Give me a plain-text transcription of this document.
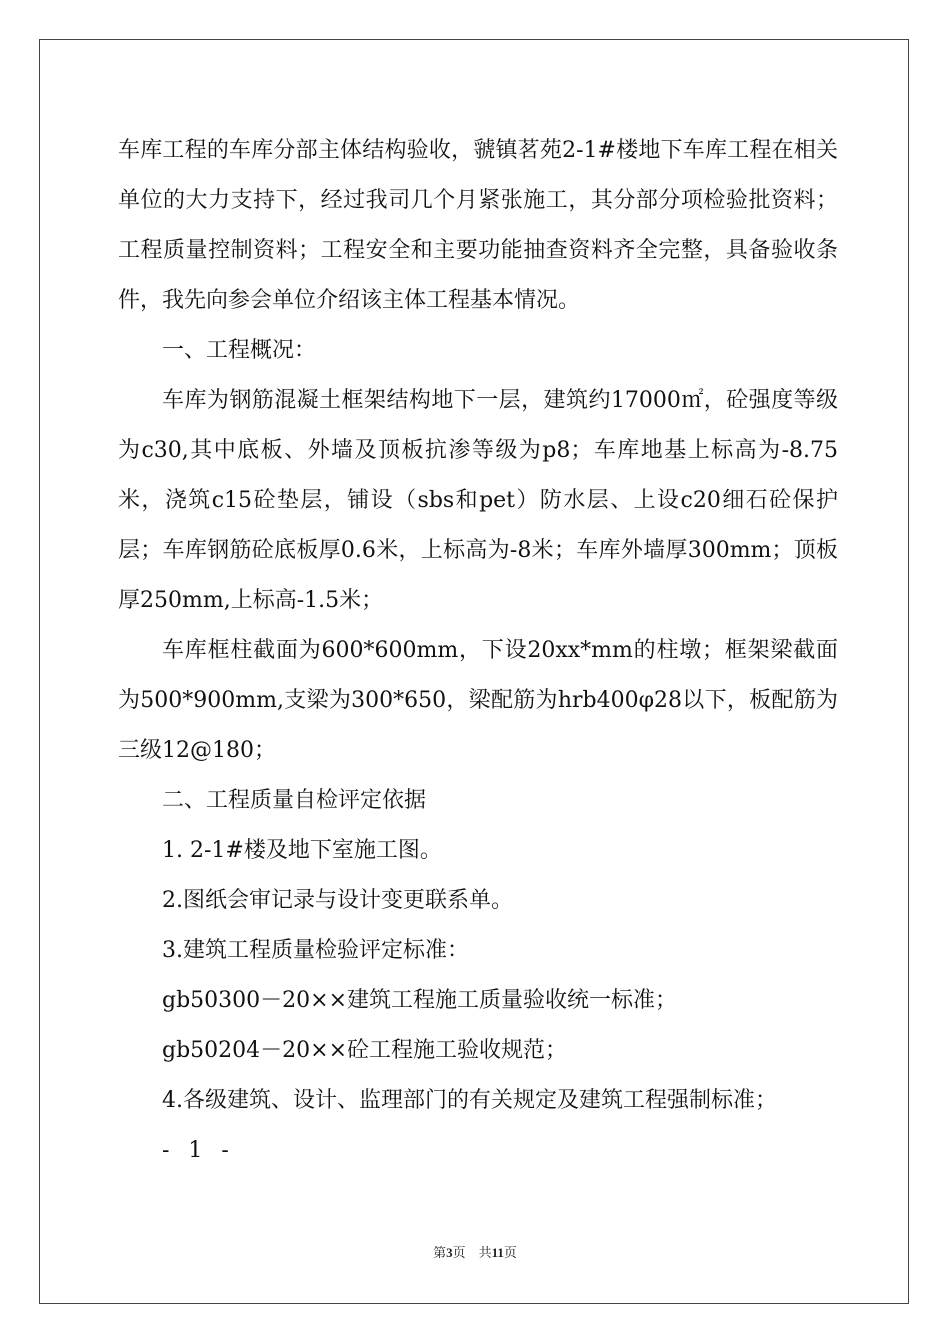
车库工程的车库分部主体结构验收，虢镇茗苑2-1#楼地下车库工程在相关单位的大力支持下，经过我司几个月紧张施工，其分部分项检验批资料；工程质量控制资料；工程安全和主要功能抽查资料齐全完整，具备验收条件，我先向参会单位介绍该主体工程基本情况。

一、工程概况：

车库为钢筋混凝土框架结构地下一层，建筑约17000㎡，砼强度等级为c30,其中底板、外墙及顶板抗渗等级为p8；车库地基上标高为-8.75米，浇筑c15砼垫层，铺设（sbs和pet）防水层、上设c20细石砼保护层；车库钢筋砼底板厚0.6米，上标高为-8米；车库外墙厚300mm；顶板厚250mm,上标高-1.5米；

车库框柱截面为600*600mm，下设20xx*mm的柱墩；框架梁截面为500*900mm,支梁为300*650，梁配筋为hrb400φ28以下，板配筋为三级12@180；

二、工程质量自检评定依据

1. 2-1#楼及地下室施工图。

2.图纸会审记录与设计变更联系单。

3.建筑工程质量检验评定标准：

gb50300－20××建筑工程施工质量验收统一标准；

gb50204－20××砼工程施工验收规范；

4.各级建筑、设计、监理部门的有关规定及建筑工程强制标准；

- 1 -

第3页　共11页
